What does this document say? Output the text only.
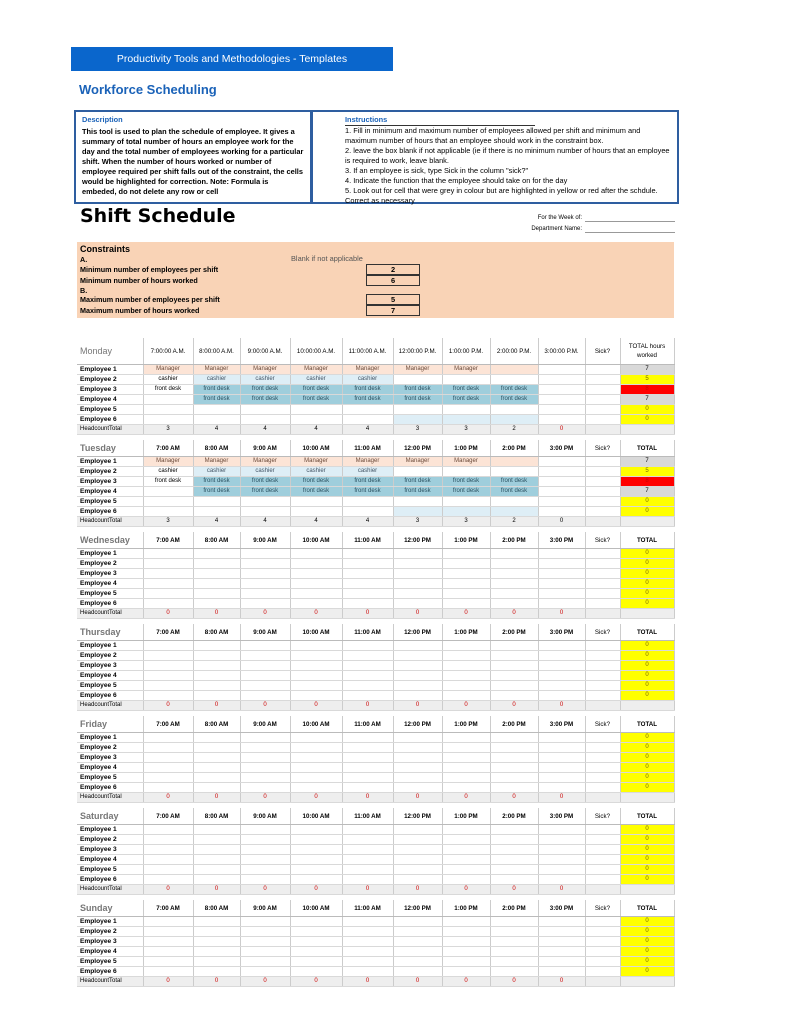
Productivity Tools and Methodologies - Templates
Workforce Scheduling
Description
This tool is used to plan the schedule of employee. It gives a summary of total number of hours an employee work for the day and the total number of employees working for a particular shift. When the number of hours worked or number of employee required per shift falls out of the constraint, the cells would be highlighted for correction. Note: Formula is embeded, do not delete any row or cell
Instructions
1. Fill in minimum and maximum number of employees allowed per shift and minimum and maximum number of hours that an employee should work in the constraint box.
2. leave the box blank if not applicable (ie if there is no minimum number of hours that an employee is required to work, leave blank.
3. If an employee is sick, type Sick in the column "sick?"
4. Indicate the function that the employee should take on for the day
5. Look out for cell that were grey in colour but are highlighted in yellow or red after the schdule. Correct as necessary
Shift Schedule	For the Week of:
Department Name:
Constraints
A.	Blank if not applicable
Minimum number of employees per shift	2
Minimum number of hours worked	6
B.
Maximum number of employees per shift	5
Maximum number of hours worked	7
Monday	7:00:00 A.M.	8:00:00 A.M.	9:00:00 A.M.	10:00:00 A.M.	11:00:00 A.M.	12:00:00 P.M.	1:00:00 P.M.	2:00:00 P.M.	3:00:00 P.M.	Sick?	TOTAL hours worked
Employee 1	Manager	Manager	Manager	Manager	Manager	Manager	Manager				7
Employee 2	cashier	cashier	cashier	cashier	cashier						5
Employee 3	front desk	front desk	front desk	front desk	front desk	front desk	front desk	front desk			8
Employee 4		front desk	front desk	front desk	front desk	front desk	front desk	front desk			7
Employee 5											0
Employee 6											0
HeadcountTotal	3	4	4	4	4	3	3	2	0		
Tuesday	7:00 AM	8:00 AM	9:00 AM	10:00 AM	11:00 AM	12:00 PM	1:00 PM	2:00 PM	3:00 PM	Sick?	TOTAL
Employee 1	Manager	Manager	Manager	Manager	Manager	Manager	Manager				7
Employee 2	cashier	cashier	cashier	cashier	cashier						5
Employee 3	front desk	front desk	front desk	front desk	front desk	front desk	front desk	front desk			8
Employee 4		front desk	front desk	front desk	front desk	front desk	front desk	front desk			7
Employee 5											0
Employee 6											0
HeadcountTotal	3	4	4	4	4	3	3	2	0		
Wednesday	7:00 AM	8:00 AM	9:00 AM	10:00 AM	11:00 AM	12:00 PM	1:00 PM	2:00 PM	3:00 PM	Sick?	TOTAL
Employee 1											0
Employee 2											0
Employee 3											0
Employee 4											0
Employee 5											0
Employee 6											0
HeadcountTotal	0	0	0	0	0	0	0	0	0		
Thursday	7:00 AM	8:00 AM	9:00 AM	10:00 AM	11:00 AM	12:00 PM	1:00 PM	2:00 PM	3:00 PM	Sick?	TOTAL
Employee 1											0
Employee 2											0
Employee 3											0
Employee 4											0
Employee 5											0
Employee 6											0
HeadcountTotal	0	0	0	0	0	0	0	0	0		
Friday	7:00 AM	8:00 AM	9:00 AM	10:00 AM	11:00 AM	12:00 PM	1:00 PM	2:00 PM	3:00 PM	Sick?	TOTAL
Employee 1											0
Employee 2											0
Employee 3											0
Employee 4											0
Employee 5											0
Employee 6											0
HeadcountTotal	0	0	0	0	0	0	0	0	0		
Saturday	7:00 AM	8:00 AM	9:00 AM	10:00 AM	11:00 AM	12:00 PM	1:00 PM	2:00 PM	3:00 PM	Sick?	TOTAL
Employee 1											0
Employee 2											0
Employee 3											0
Employee 4											0
Employee 5											0
Employee 6											0
HeadcountTotal	0	0	0	0	0	0	0	0	0		
Sunday	7:00 AM	8:00 AM	9:00 AM	10:00 AM	11:00 AM	12:00 PM	1:00 PM	2:00 PM	3:00 PM	Sick?	TOTAL
Employee 1											0
Employee 2											0
Employee 3											0
Employee 4											0
Employee 5											0
Employee 6											0
HeadcountTotal	0	0	0	0	0	0	0	0	0		
